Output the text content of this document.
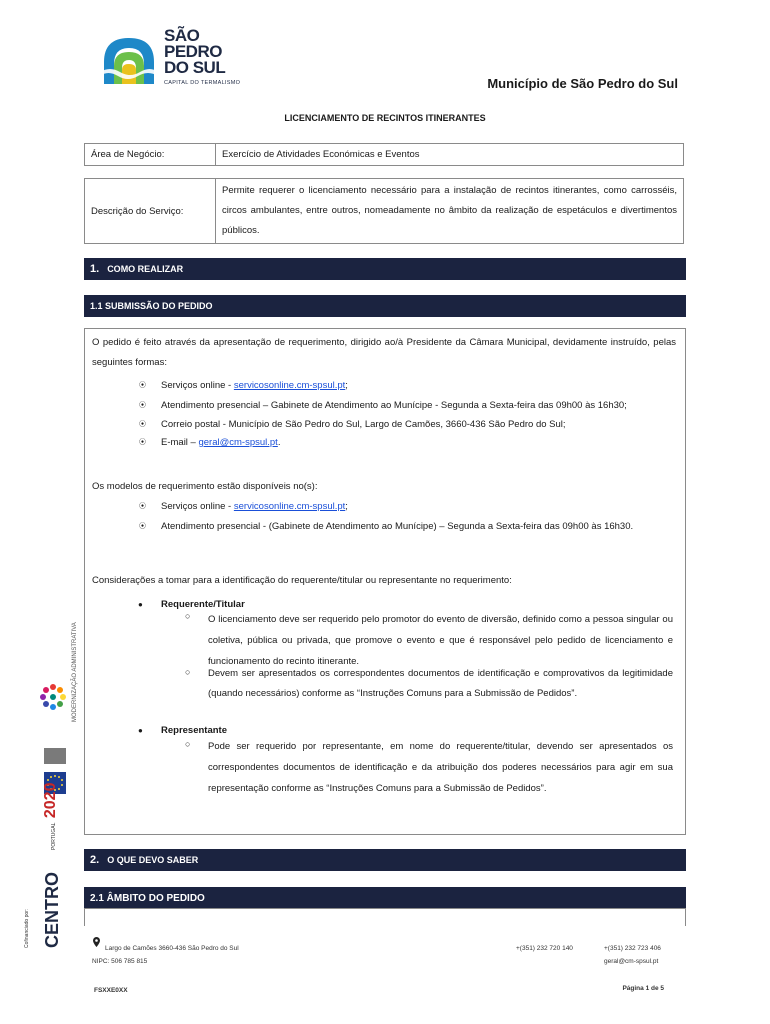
SÃO
PEDRO
DO SUL
CAPITAL DO TERMALISMO	Município de São Pedro do Sul
LICENCIAMENTO DE RECINTOS ITINERANTES
Área de Negócio:	Exercício de Atividades Económicas e Eventos
Descrição do Serviço:	Permite requerer o licenciamento necessário para a instalação de recintos itinerantes, como carrosséis, circos ambulantes, entre outros, nomeadamente no âmbito da realização de espetáculos e divertimentos públicos.
1. COMO REALIZAR
1.1 SUBMISSÃO DO PEDIDO
O pedido é feito através da apresentação de requerimento, dirigido ao/à Presidente da Câmara Municipal, devidamente instruído, pelas seguintes formas:
⦿ Serviços online - servicosonline.cm-spsul.pt;
⦿ Atendimento presencial – Gabinete de Atendimento ao Munícipe - Segunda a Sexta-feira das 09h00 às 16h30;
⦿ Correio postal - Município de São Pedro do Sul, Largo de Camões, 3660-436 São Pedro do Sul;
⦿ E-mail – geral@cm-spsul.pt.
Os modelos de requerimento estão disponíveis no(s):
⦿ Serviços online - servicosonline.cm-spsul.pt;
⦿ Atendimento presencial - (Gabinete de Atendimento ao Munícipe) – Segunda a Sexta-feira das 09h00 às 16h30.
Considerações a tomar para a identificação do requerente/titular ou representante no requerimento:
● Requerente/Titular
○ O licenciamento deve ser requerido pelo promotor do evento de diversão, definido como a pessoa singular ou coletiva, pública ou privada, que promove o evento e que é responsável pelo pedido de licenciamento e funcionamento do recinto itinerante.
○ Devem ser apresentados os correspondentes documentos de identificação e comprovativos da legitimidade (quando necessários) conforme as “Instruções Comuns para a Submissão de Pedidos”.
● Representante
○ Pode ser requerido por representante, em nome do requerente/titular, devendo ser apresentados os correspondentes documentos de identificação e da atribuição dos poderes necessários para agir em sua representação conforme as “Instruções Comuns para a Submissão de Pedidos”.
2. O QUE DEVO SABER
2.1 ÂMBITO DO PEDIDO
MODERNIZAÇÃO ADMINISTRATIVA
PORTUGAL 2020
CENTRO
Cofinanciado por:
Largo de Camões 3660-436 São Pedro do Sul
NIPC: 506 785 815
+(351) 232 720 140	+(351) 232 723 406
geral@cm-spsul.pt
FSXXE0XX	Página 1 de 5
